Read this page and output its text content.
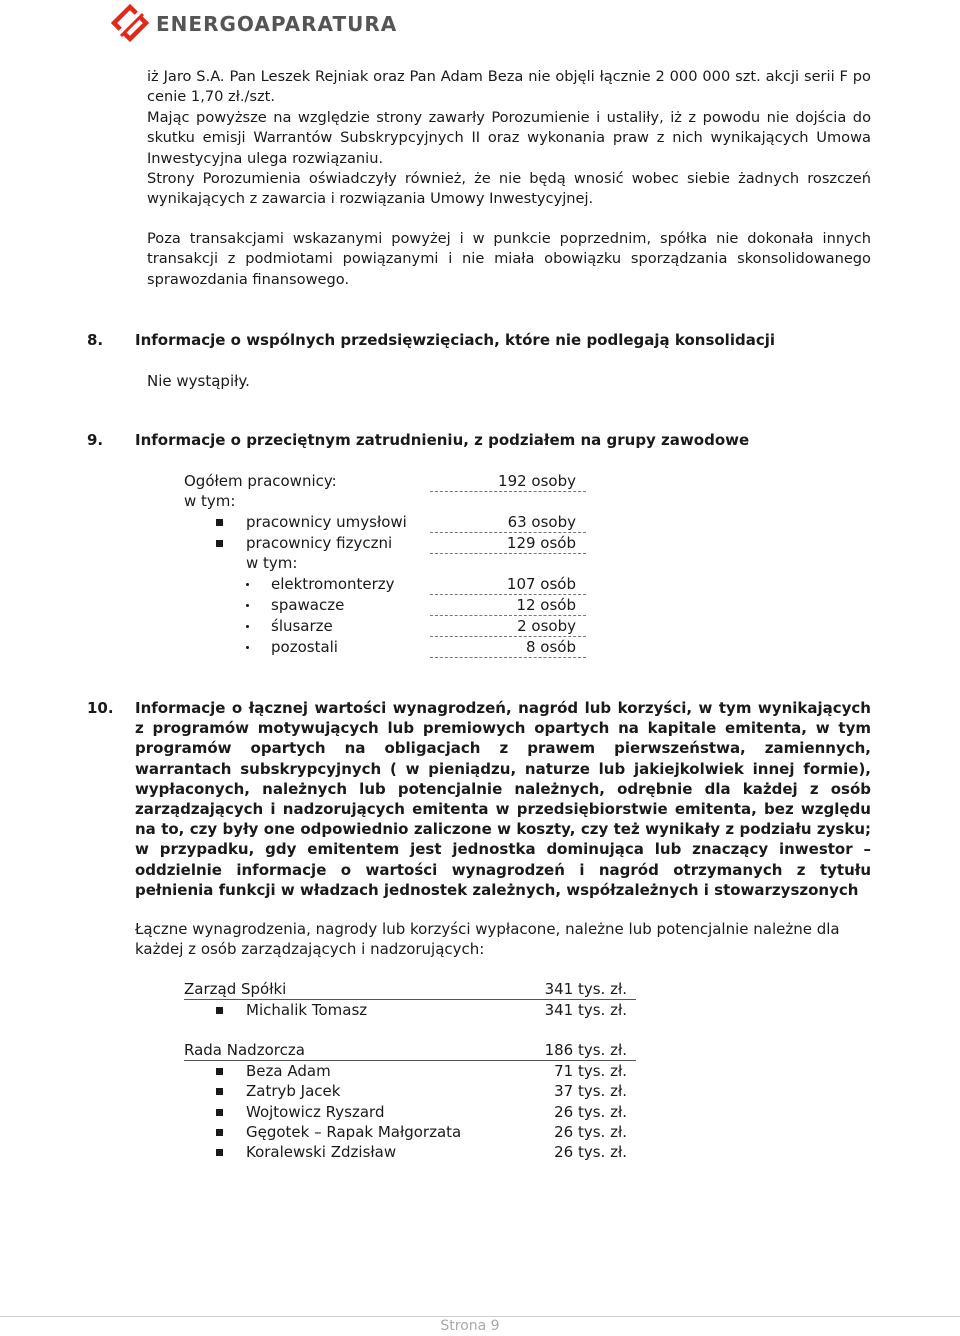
ENERGOAPARATURA

iż Jaro S.A. Pan Leszek Rejniak oraz Pan Adam Beza nie objęli łącznie 2 000 000 szt. akcji serii F po cenie 1,70 zł./szt.

Mając powyższe na względzie strony zawarły Porozumienie i ustaliły, iż z powodu nie dojścia do skutku emisji Warrantów Subskrypcyjnych II oraz wykonania praw z nich wynikających Umowa Inwestycyjna ulega rozwiązaniu.

Strony Porozumienia oświadczyły również, że nie będą wnosić wobec siebie żadnych roszczeń wynikających z zawarcia i rozwiązania Umowy Inwestycyjnej.

Poza transakcjami wskazanymi powyżej i w punkcie poprzednim, spółka nie dokonała innych transakcji z podmiotami powiązanymi i nie miała obowiązku sporządzania skonsolidowanego sprawozdania finansowego.

8.	Informacje o wspólnych przedsięwzięciach, które nie podlegają konsolidacji

Nie wystąpiły.

9.	Informacje o przeciętnym zatrudnieniu, z podziałem na grupy zawodowe
Ogółem pracownicy:	192 osoby
w tym:
pracownicy umysłowi	63 osoby
pracownicy fizyczni	129 osób
w tym:
elektromonterzy	107 osób
spawacze	12 osób
ślusarze	2 osoby
pozostali	8 osób
10.	Informacje o łącznej wartości wynagrodzeń, nagród lub korzyści, w tym wynikających z programów motywujących lub premiowych opartych na kapitale emitenta, w tym programów opartych na obligacjach z prawem pierwszeństwa, zamiennych, warrantach subskrypcyjnych ( w pieniądzu, naturze lub jakiejkolwiek innej formie), wypłaconych, należnych lub potencjalnie należnych, odrębnie dla każdej z osób zarządzających i nadzorujących emitenta w przedsiębiorstwie emitenta, bez względu na to, czy były one odpowiednio zaliczone w koszty, czy też wynikały z podziału zysku; w przypadku, gdy emitentem jest jednostka dominująca lub znaczący inwestor – oddzielnie informacje o wartości wynagrodzeń i nagród otrzymanych z tytułu pełnienia funkcji w władzach jednostek zależnych, współzależnych i stowarzyszonych

Łączne wynagrodzenia, nagrody lub korzyści wypłacone, należne lub potencjalnie należne dla każdej z osób zarządzających i nadzorujących:

Zarząd Spółki	341 tys. zł.
Michalik Tomasz	341 tys. zł.
Rada Nadzorcza	186 tys. zł.
Beza Adam	71 tys. zł.
Zatryb Jacek	37 tys. zł.
Wojtowicz Ryszard	26 tys. zł.
Gęgotek – Rapak Małgorzata	26 tys. zł.
Koralewski Zdzisław	26 tys. zł.
Strona 9
